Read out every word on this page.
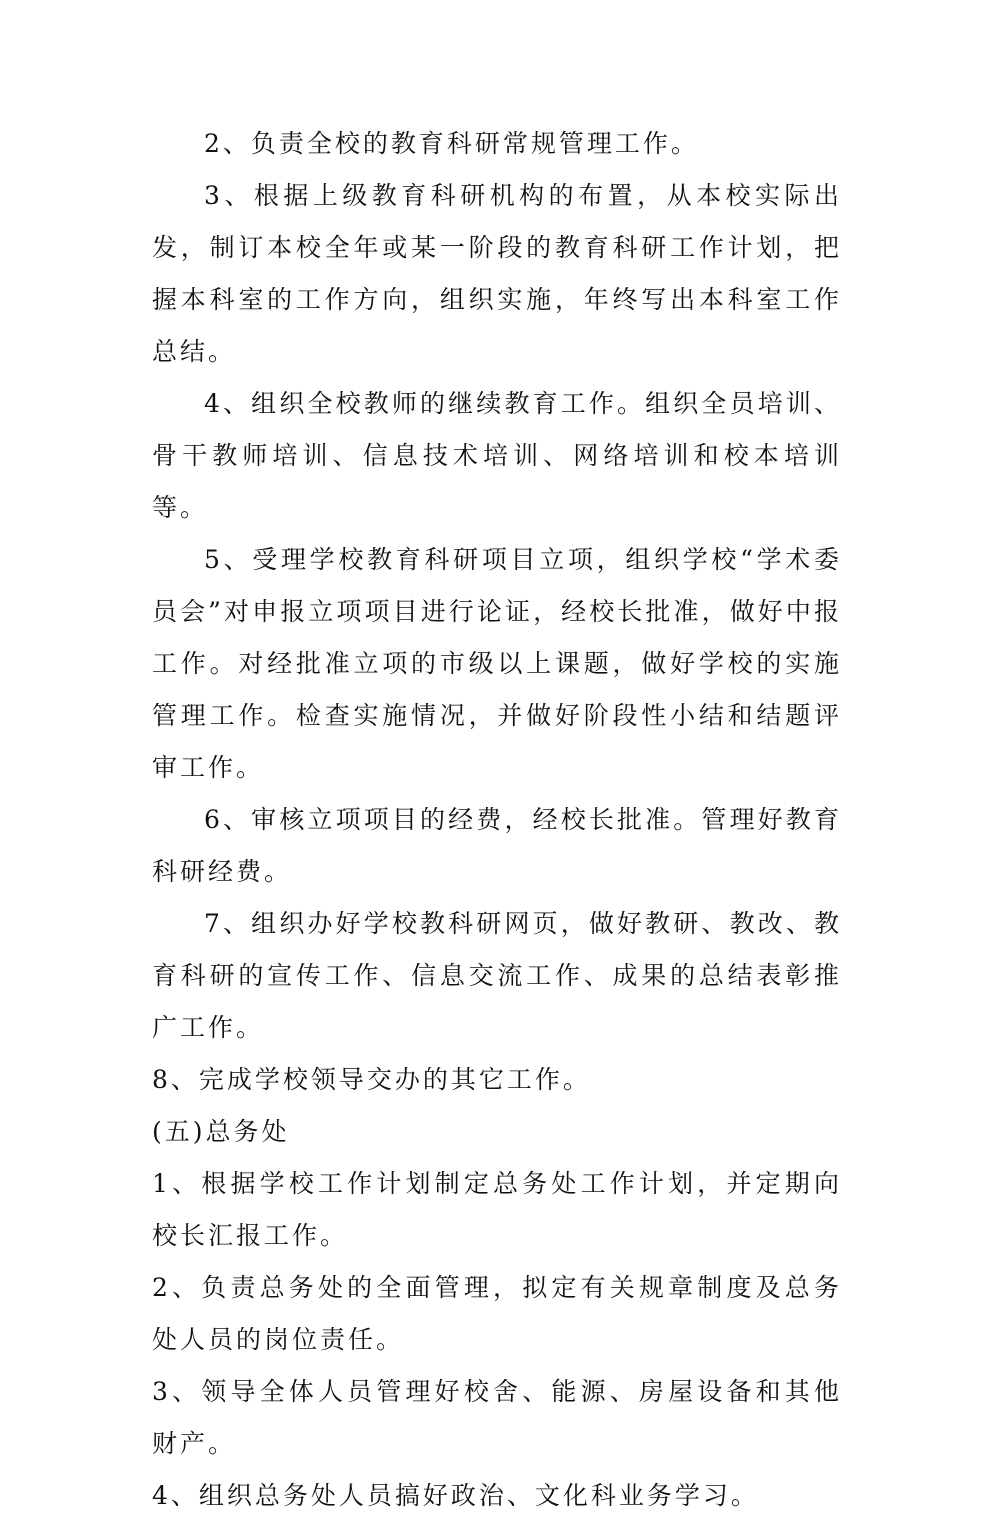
2、负责全校的教育科研常规管理工作。

3、根据上级教育科研机构的布置，从本校实际出发，制订本校全年或某一阶段的教育科研工作计划，把握本科室的工作方向，组织实施，年终写出本科室工作总结。

4、组织全校教师的继续教育工作。组织全员培训、骨干教师培训、信息技术培训、网络培训和校本培训等。

5、受理学校教育科研项目立项，组织学校“学术委员会”对申报立项项目进行论证，经校长批准，做好中报工作。对经批准立项的市级以上课题，做好学校的实施管理工作。检查实施情况，并做好阶段性小结和结题评审工作。

6、审核立项项目的经费，经校长批准。管理好教育科研经费。

7、组织办好学校教科研网页，做好教研、教改、教育科研的宣传工作、信息交流工作、成果的总结表彰推广工作。

8、完成学校领导交办的其它工作。

(五)总务处

1、根据学校工作计划制定总务处工作计划，并定期向校长汇报工作。

2、负责总务处的全面管理，拟定有关规章制度及总务处人员的岗位责任。

3、领导全体人员管理好校舍、能源、房屋设备和其他财产。

4、组织总务处人员搞好政治、文化科业务学习。
